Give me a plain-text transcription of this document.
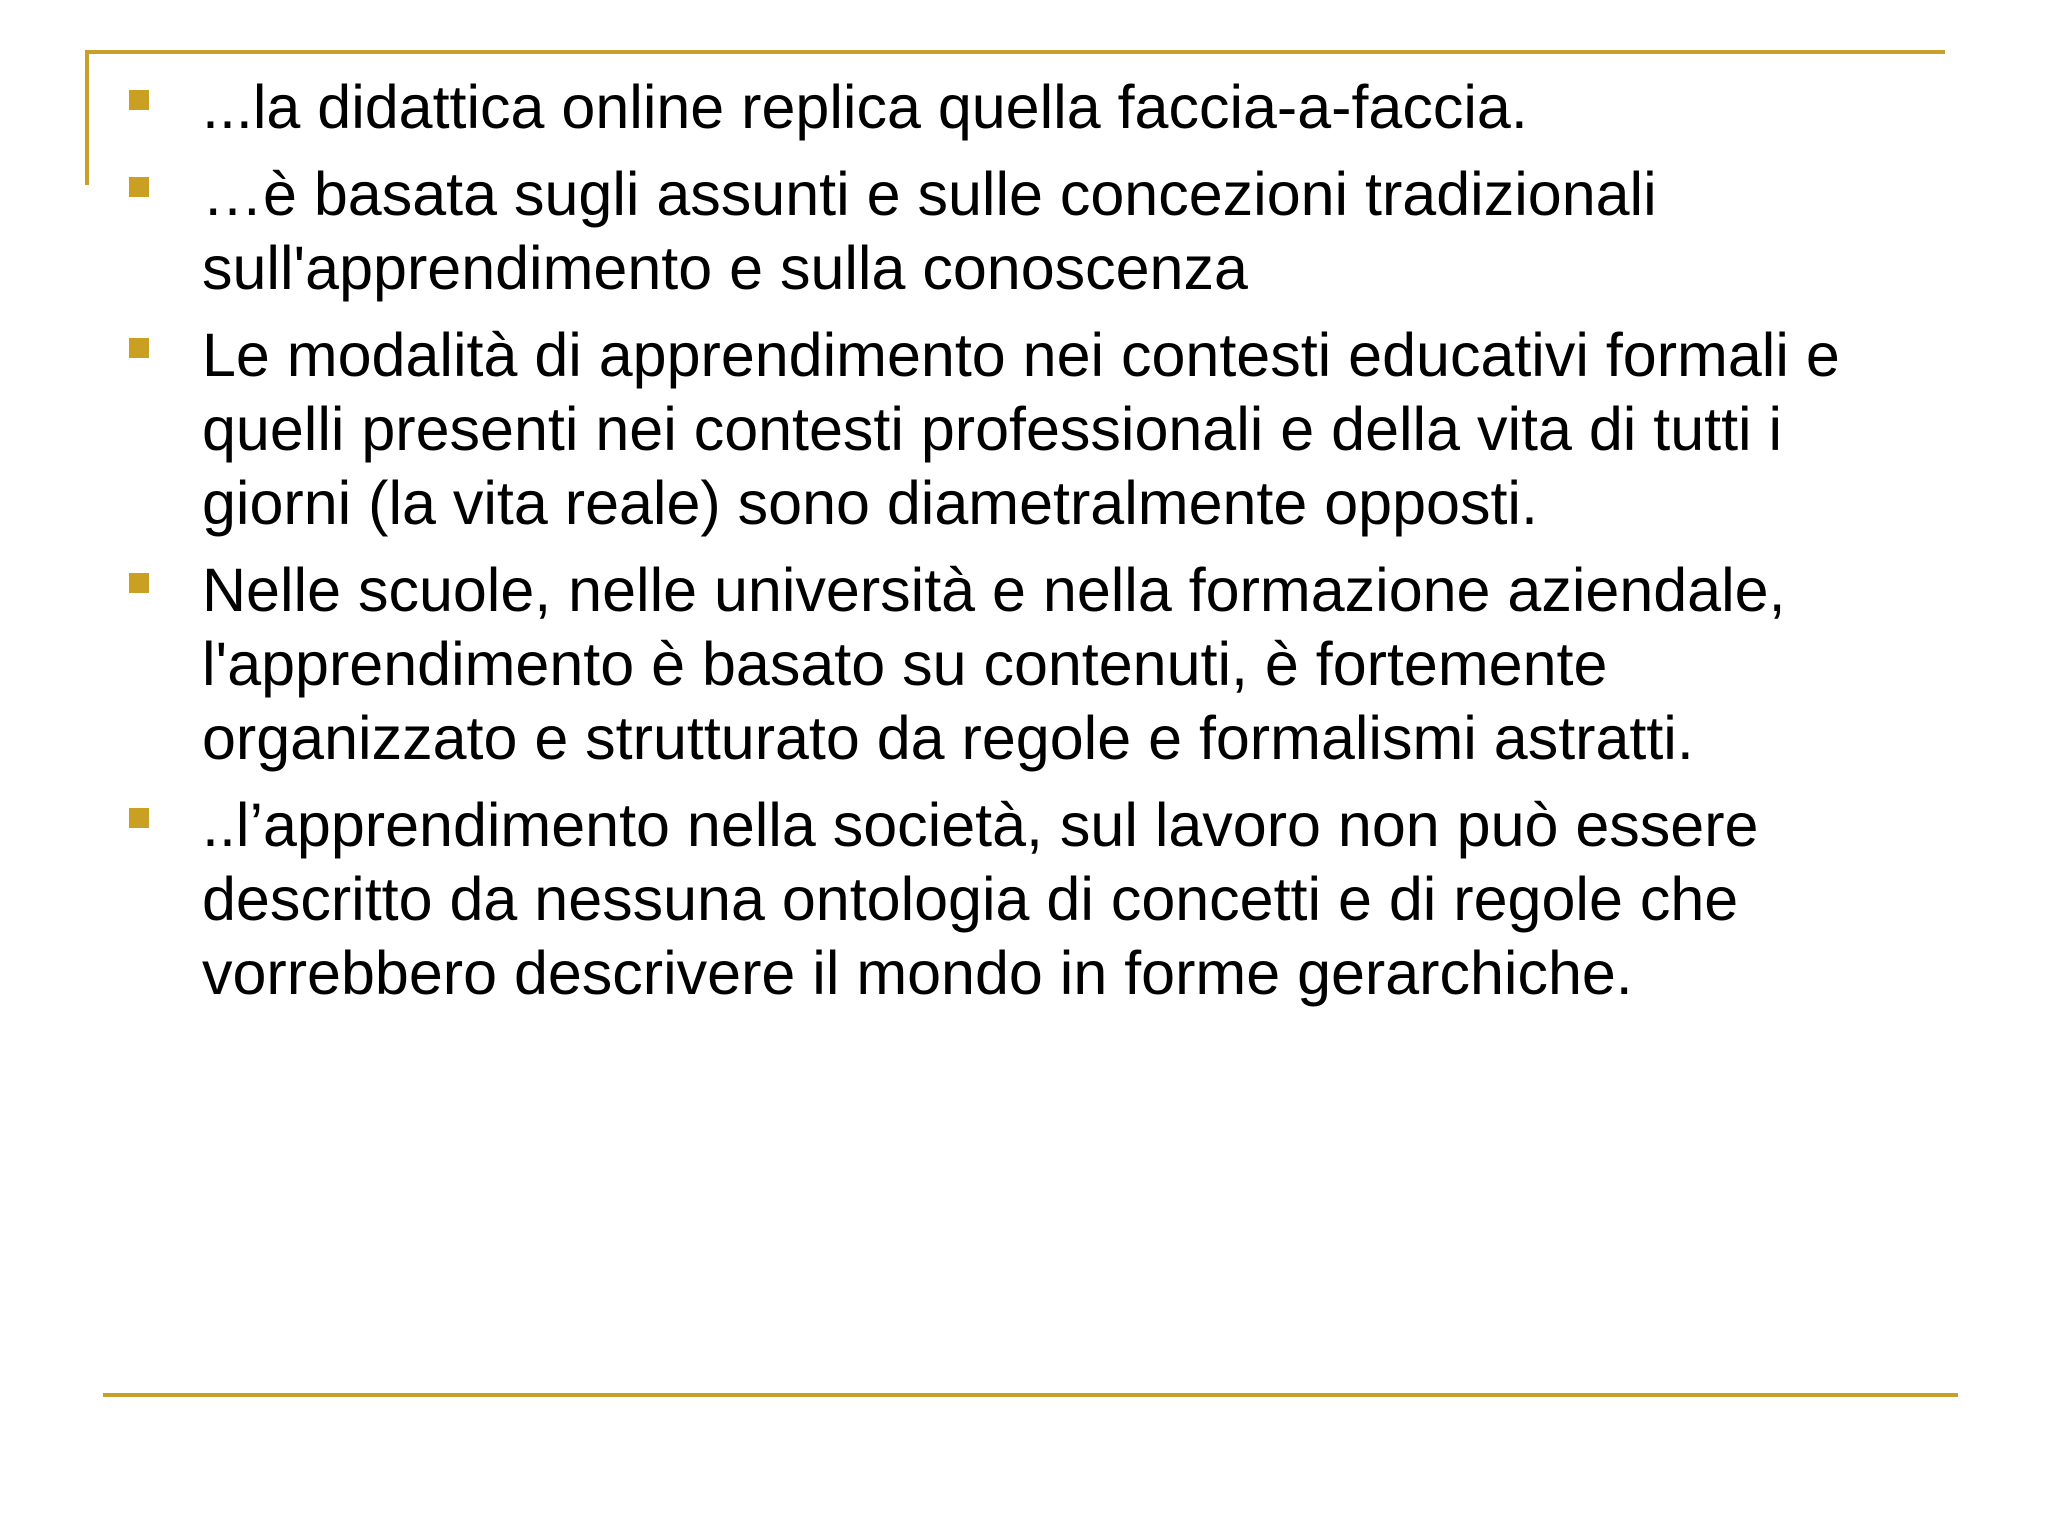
...la didattica online replica quella faccia-a-faccia.
…è basata sugli assunti e sulle concezioni tradizionali sull'apprendimento e sulla conoscenza
Le modalità di apprendimento nei contesti educativi formali e quelli presenti nei contesti professionali e della vita di tutti i giorni (la vita reale) sono diametralmente opposti.
Nelle scuole, nelle università e nella formazione aziendale, l'apprendimento è basato su contenuti, è fortemente organizzato e strutturato da regole e formalismi astratti.
..l’apprendimento nella società, sul lavoro non può essere descritto da nessuna ontologia di concetti e di regole che vorrebbero descrivere il mondo in forme gerarchiche.
